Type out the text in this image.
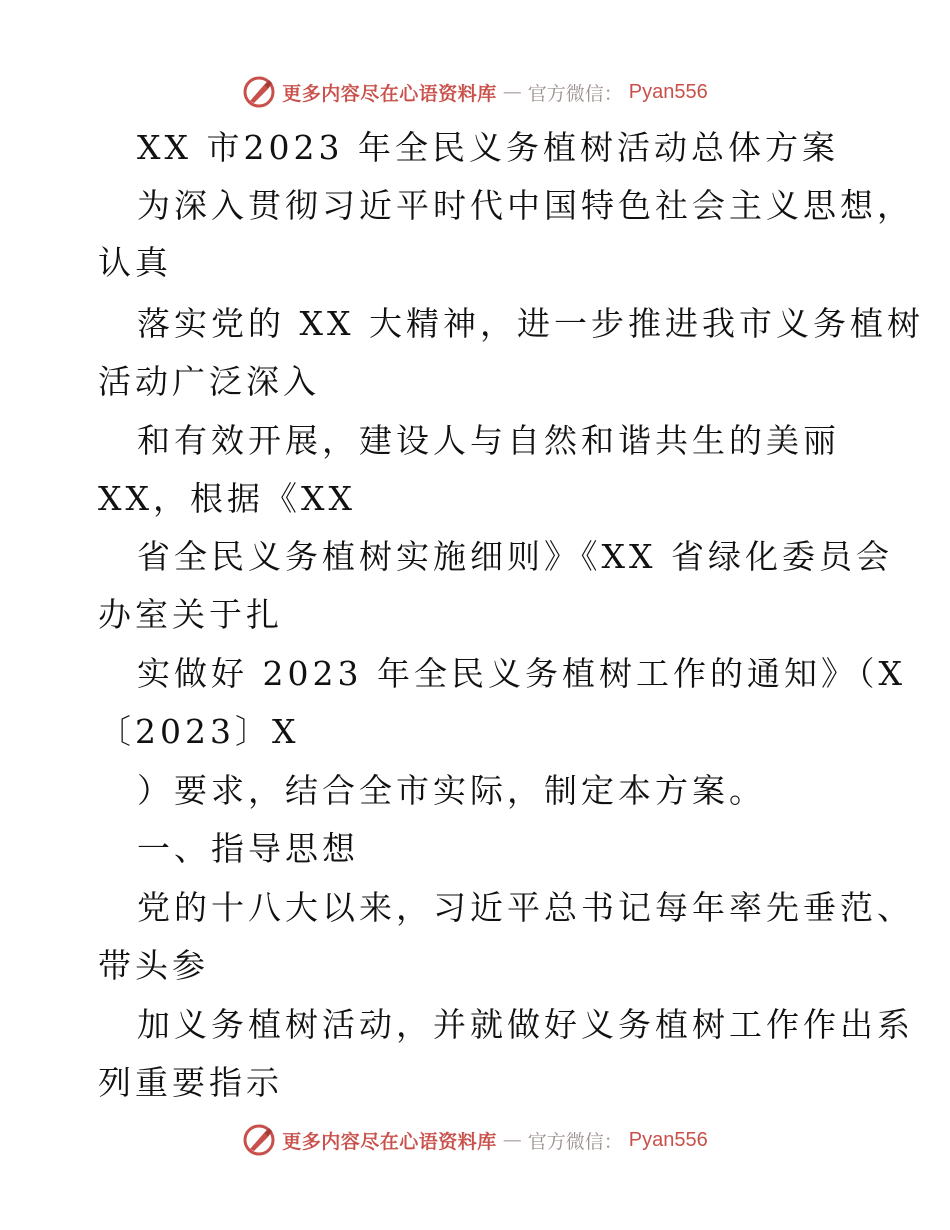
更多内容尽在心语资料库 — 官方微信： Pyan556
XX 市2023 年全民义务植树活动总体方案
为深入贯彻习近平时代中国特色社会主义思想，
认真
落实党的 XX 大精神，进一步推进我市义务植树
活动广泛深入
和有效开展，建设人与自然和谐共生的美丽
XX，根据《XX
省全民义务植树实施细则》《XX 省绿化委员会
办室关于扎
实做好 2023 年全民义务植树工作的通知》（X
〔2023〕X
）要求，结合全市实际，制定本方案。
一、指导思想
党的十八大以来，习近平总书记每年率先垂范、
带头参
加义务植树活动，并就做好义务植树工作作出系
列重要指示
更多内容尽在心语资料库 — 官方微信： Pyan556
